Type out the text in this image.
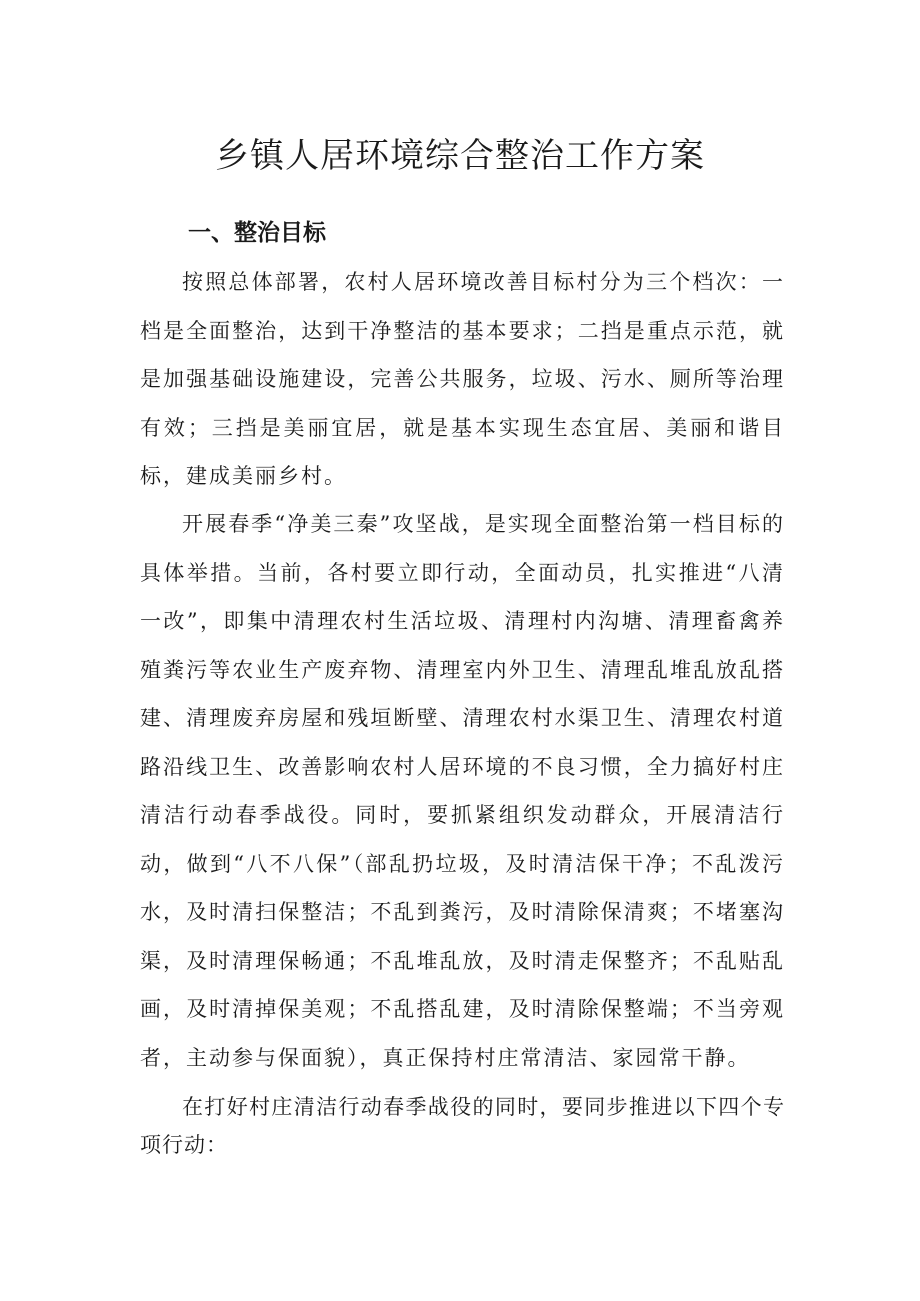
乡镇人居环境综合整治工作方案
一、整治目标

按照总体部署，农村人居环境改善目标村分为三个档次：一档是全面整治，达到干净整洁的基本要求；二挡是重点示范，就是加强基础设施建设，完善公共服务，垃圾、污水、厕所等治理有效；三挡是美丽宜居，就是基本实现生态宜居、美丽和谐目标，建成美丽乡村。

开展春季“净美三秦”攻坚战，是实现全面整治第一档目标的具体举措。当前，各村要立即行动，全面动员，扎实推进“八清一改”，即集中清理农村生活垃圾、清理村内沟塘、清理畜禽养殖粪污等农业生产废弃物、清理室内外卫生、清理乱堆乱放乱搭建、清理废弃房屋和残垣断壁、清理农村水渠卫生、清理农村道路沿线卫生、改善影响农村人居环境的不良习惯，全力搞好村庄清洁行动春季战役。同时，要抓紧组织发动群众，开展清洁行动，做到“八不八保”（部乱扔垃圾，及时清洁保干净；不乱泼污水，及时清扫保整洁；不乱到粪污，及时清除保清爽；不堵塞沟渠，及时清理保畅通；不乱堆乱放，及时清走保整齐；不乱贴乱画，及时清掉保美观；不乱搭乱建，及时清除保整端；不当旁观者，主动参与保面貌），真正保持村庄常清洁、家园常干静。

在打好村庄清洁行动春季战役的同时，要同步推进以下四个专项行动：
